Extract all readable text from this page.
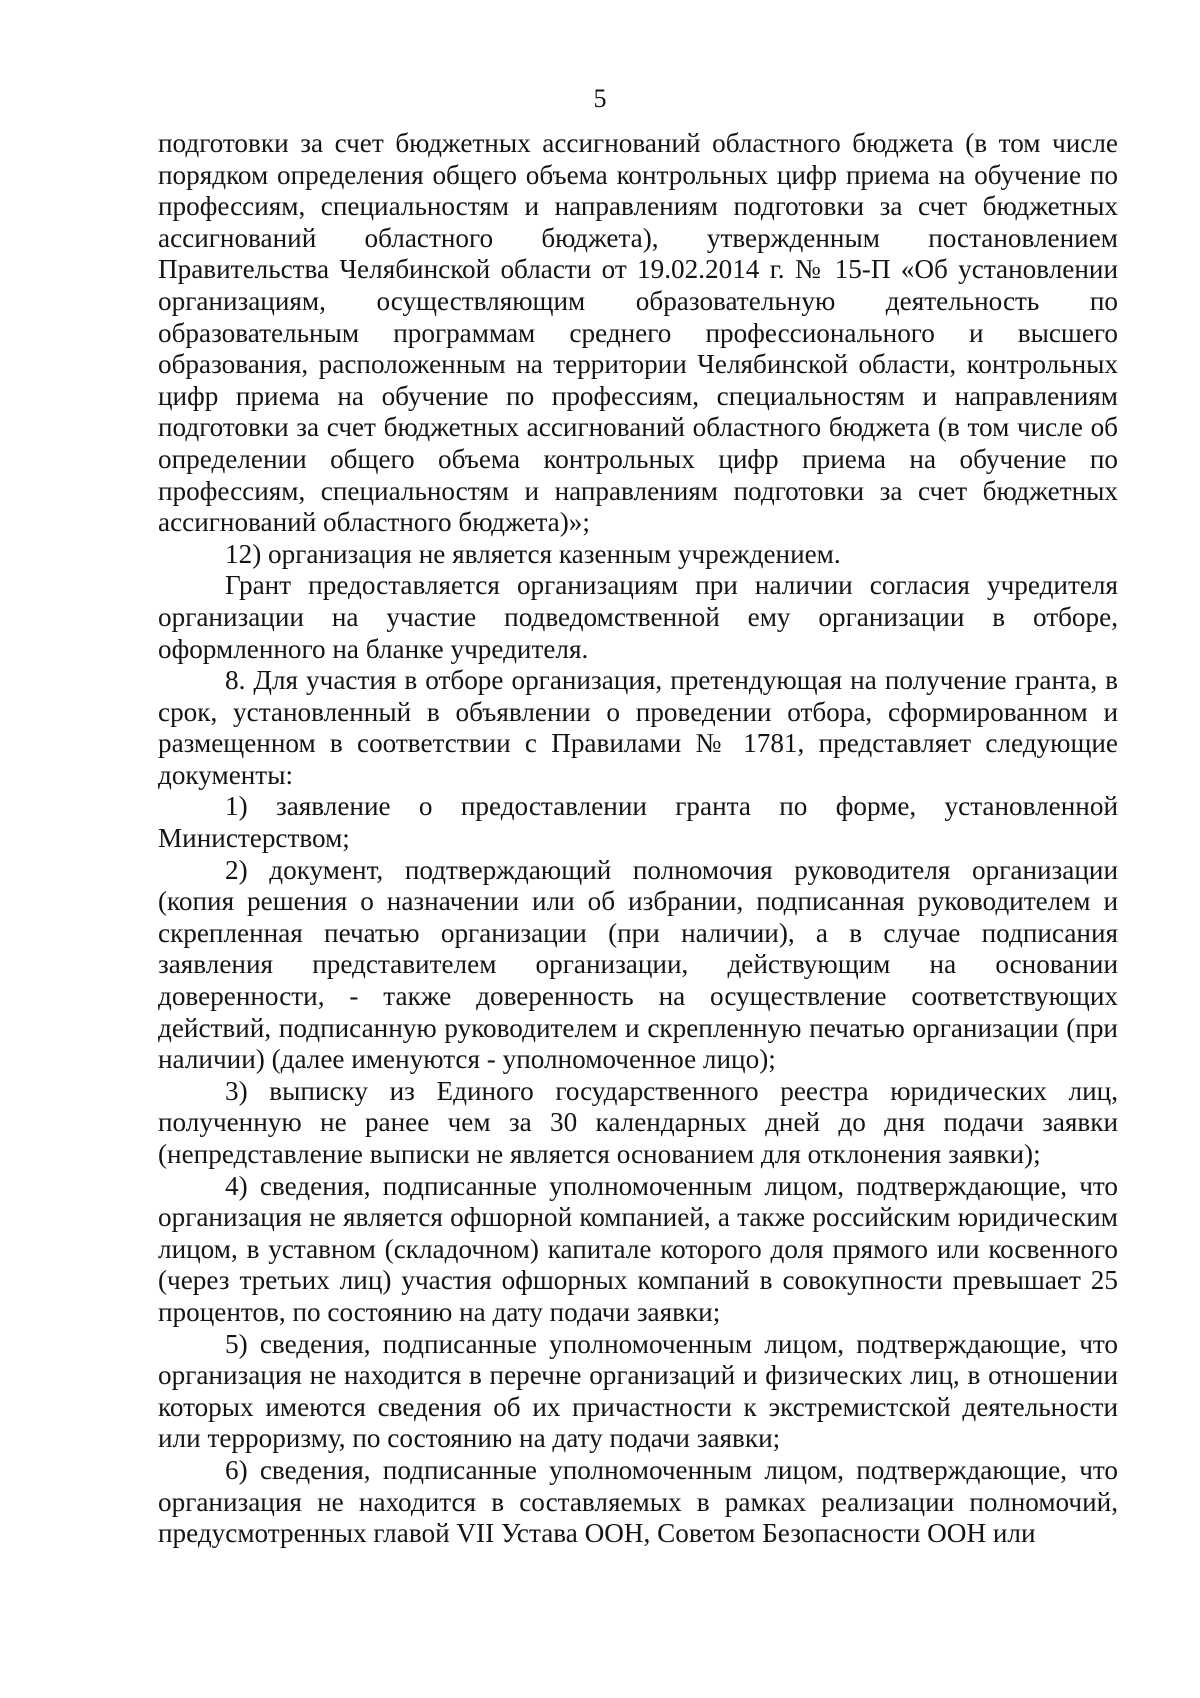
5

подготовки за счет бюджетных ассигнований областного бюджета (в том числе порядком определения общего объема контрольных цифр приема на обучение по профессиям, специальностям и направлениям подготовки за счет бюджетных ассигнований областного бюджета), утвержденным постановлением Правительства Челябинской области от 19.02.2014 г. № 15-П «Об установлении организациям, осуществляющим образовательную деятельность по образовательным программам среднего профессионального и высшего образования, расположенным на территории Челябинской области, контрольных цифр приема на обучение по профессиям, специальностям и направлениям подготовки за счет бюджетных ассигнований областного бюджета (в том числе об определении общего объема контрольных цифр приема на обучение по профессиям, специальностям и направлениям подготовки за счет бюджетных ассигнований областного бюджета)»;

12) организация не является казенным учреждением.

Грант предоставляется организациям при наличии согласия учредителя организации на участие подведомственной ему организации в отборе, оформленного на бланке учредителя.

8. Для участия в отборе организация, претендующая на получение гранта, в срок, установленный в объявлении о проведении отбора, сформированном и размещенном в соответствии с Правилами № 1781, представляет следующие документы:

1) заявление о предоставлении гранта по форме, установленной Министерством;

2) документ, подтверждающий полномочия руководителя организации (копия решения о назначении или об избрании, подписанная руководителем и скрепленная печатью организации (при наличии), а в случае подписания заявления представителем организации, действующим на основании доверенности, - также доверенность на осуществление соответствующих действий, подписанную руководителем и скрепленную печатью организации (при наличии) (далее именуются - уполномоченное лицо);

3) выписку из Единого государственного реестра юридических лиц, полученную не ранее чем за 30 календарных дней до дня подачи заявки (непредставление выписки не является основанием для отклонения заявки);

4) сведения, подписанные уполномоченным лицом, подтверждающие, что организация не является офшорной компанией, а также российским юридическим лицом, в уставном (складочном) капитале которого доля прямого или косвенного (через третьих лиц) участия офшорных компаний в совокупности превышает 25 процентов, по состоянию на дату подачи заявки;

5) сведения, подписанные уполномоченным лицом, подтверждающие, что организация не находится в перечне организаций и физических лиц, в отношении которых имеются сведения об их причастности к экстремистской деятельности или терроризму, по состоянию на дату подачи заявки;

6) сведения, подписанные уполномоченным лицом, подтверждающие, что организация не находится в составляемых в рамках реализации полномочий, предусмотренных главой VII Устава ООН, Советом Безопасности ООН или
